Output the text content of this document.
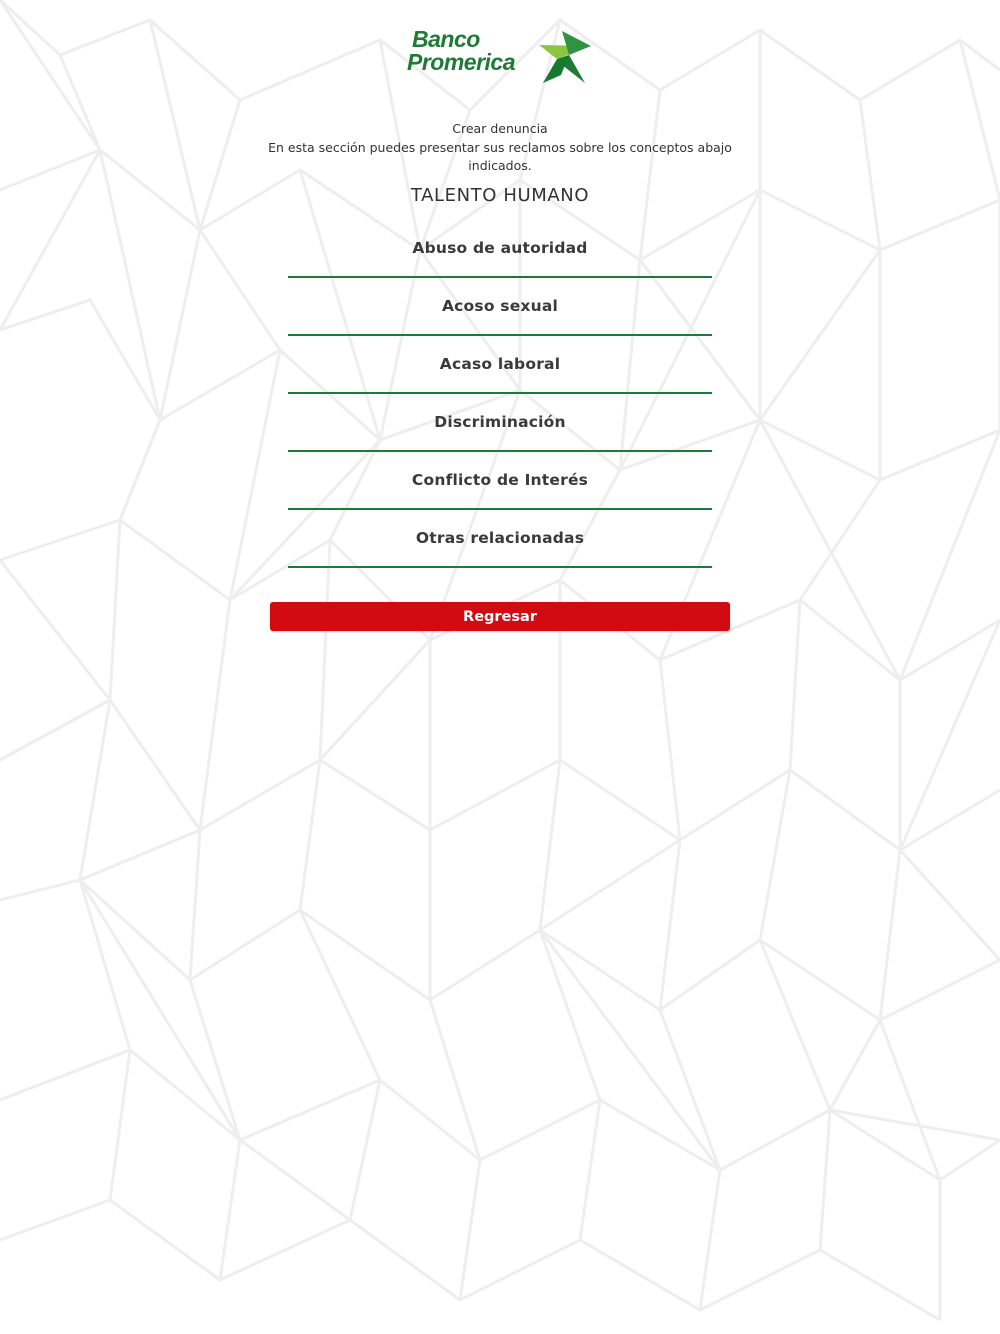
Banco
Promerica
Crear denuncia
En esta sección puedes presentar sus reclamos sobre los conceptos abajo indicados.
TALENTO HUMANO
Abuso de autoridad
Acoso sexual
Acaso laboral
Discriminación
Conflicto de Interés
Otras relacionadas
Regresar
